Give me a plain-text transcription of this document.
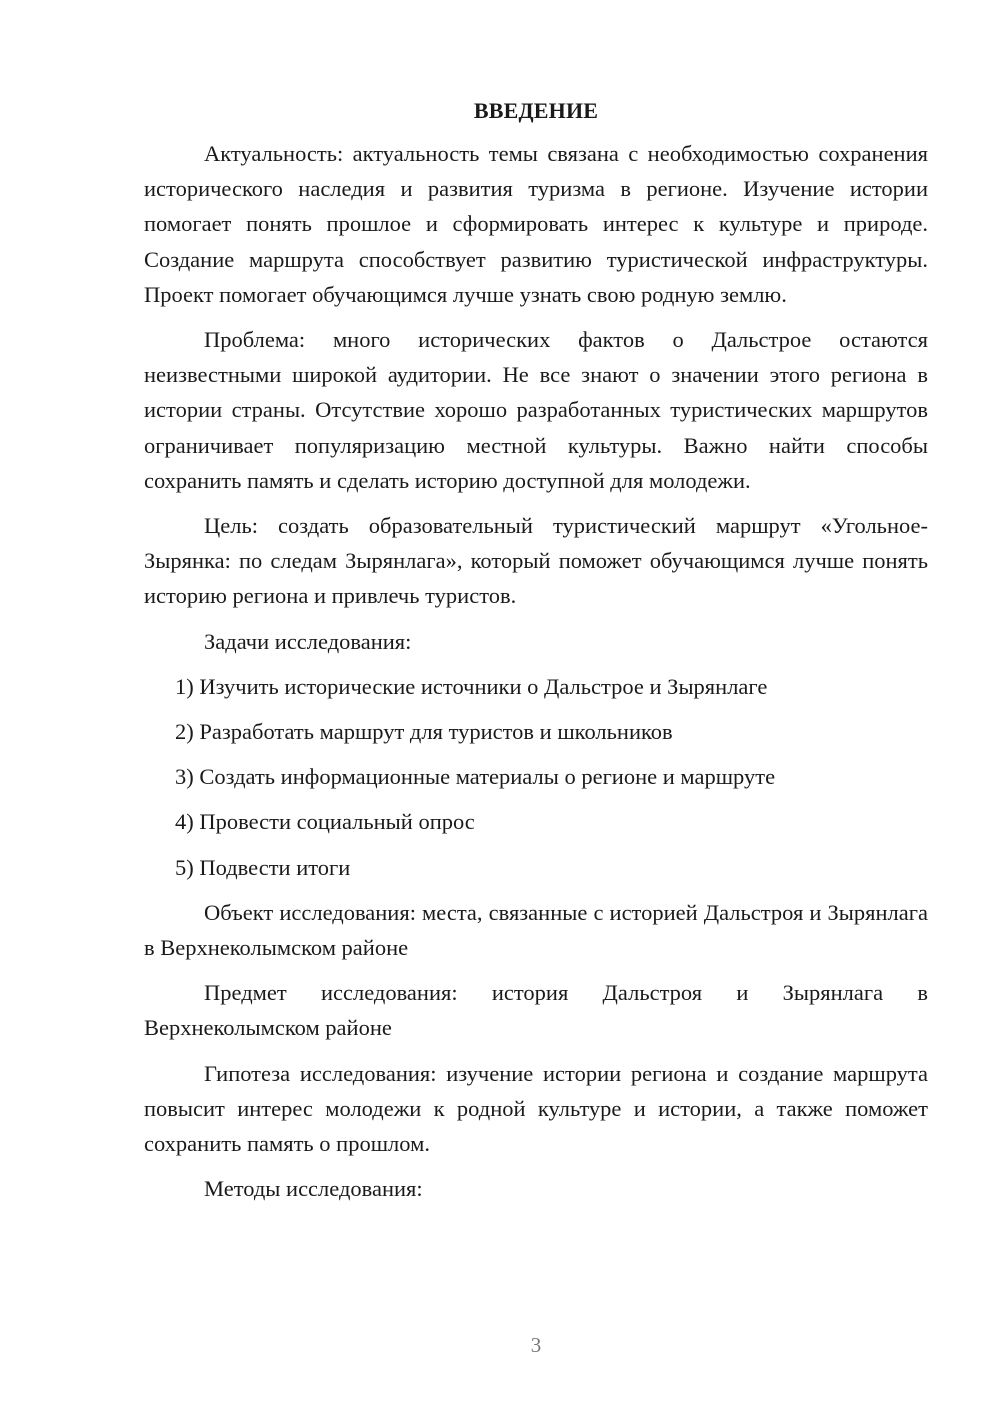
ВВЕДЕНИЕ

Актуальность: актуальность темы связана с необходимостью сохранения исторического наследия и развития туризма в регионе. Изучение истории помогает понять прошлое и сформировать интерес к культуре и природе. Создание маршрута способствует развитию туристической инфраструктуры. Проект помогает обучающимся лучше узнать свою родную землю.

Проблема: много исторических фактов о Дальстрое остаются неизвестными широкой аудитории. Не все знают о значении этого региона в истории страны. Отсутствие хорошо разработанных туристических маршрутов ограничивает популяризацию местной культуры. Важно найти способы сохранить память и сделать историю доступной для молодежи.

Цель: создать образовательный туристический маршрут «Угольное-Зырянка: по следам Зырянлага», который поможет обучающимся лучше понять историю региона и привлечь туристов.

Задачи исследования:

1) Изучить исторические источники о Дальстрое и Зырянлаге
2) Разработать маршрут для туристов и школьников
3) Создать информационные материалы о регионе и маршруте
4) Провести социальный опрос
5) Подвести итоги

Объект исследования: места, связанные с историей Дальстроя и Зырянлага в Верхнеколымском районе

Предмет исследования: история Дальстроя и Зырянлага в Верхнеколымском районе

Гипотеза исследования: изучение истории региона и создание маршрута повысит интерес молодежи к родной культуре и истории, а также поможет сохранить память о прошлом.

Методы исследования:

3
